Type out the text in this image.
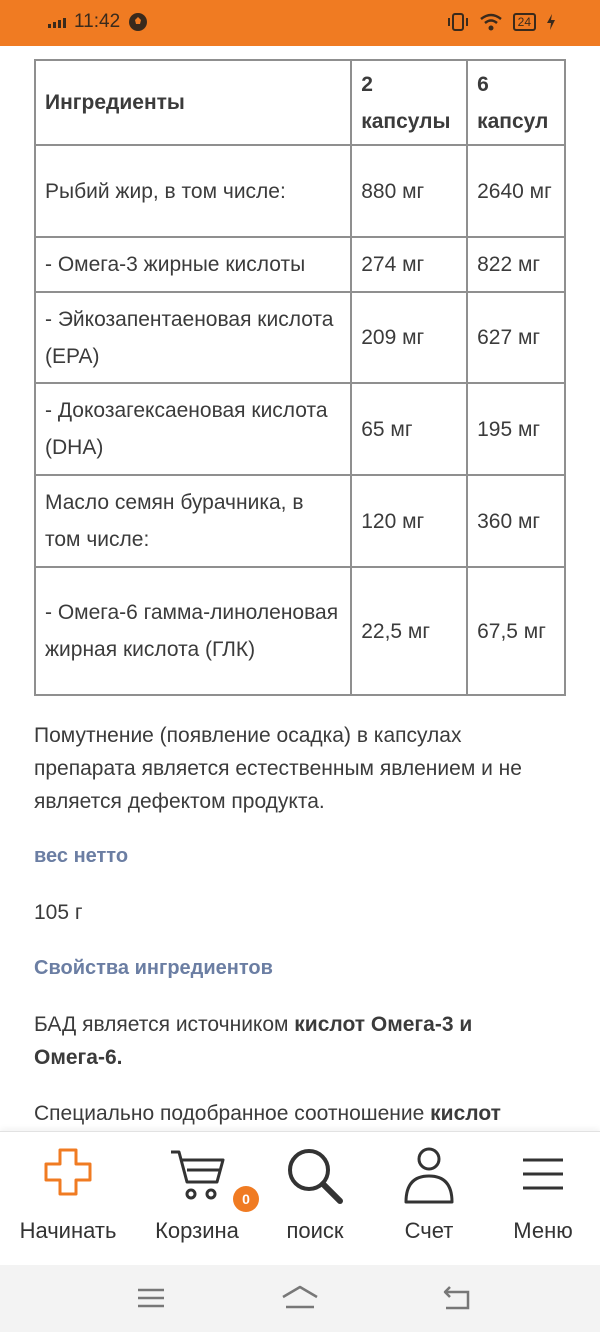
11:42	24
Ингредиенты	2 капсулы	6 капсул
Рыбий жир, в том числе:	880 мг	2640 мг
- Омега-3 жирные кислоты	274 мг	822 мг
- Эйкозапентаеновая кислота (EPA)	209 мг	627 мг
- Докозагексаеновая кислота (DHA)	65 мг	195 мг
Масло семян бурачника, в том числе:	120 мг	360 мг
- Омега-6 гамма-линоленовая жирная кислота (ГЛК)	22,5 мг	67,5 мг

Помутнение (появление осадка) в капсулах препарата является естественным явлением и не является дефектом продукта.

вес нетто
105 г
Свойства ингредиентов

БАД является источником кислот Омега-3 и Омега-6.

Специально подобранное соотношение кислот

Начинать
0
Корзина	поиск	Счет	Меню
